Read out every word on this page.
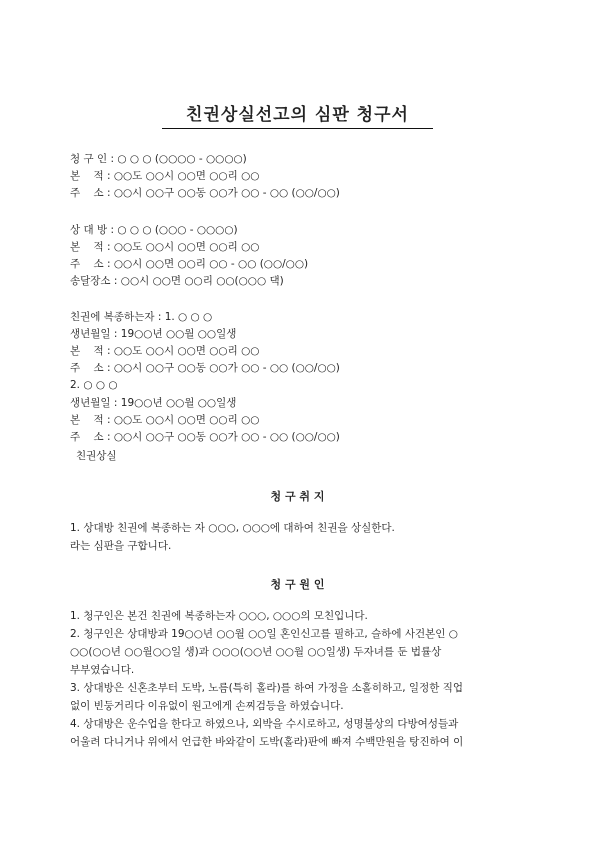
친권상실선고의 심판 청구서
청 구 인 : ○ ○ ○ (○○○○ - ○○○○)
본    적 : ○○도 ○○시 ○○면 ○○리 ○○
주    소 : ○○시 ○○구 ○○동 ○○가 ○○ - ○○ (○○/○○)
상 대 방 : ○ ○ ○ (○○○ - ○○○○)
본    적 : ○○도 ○○시 ○○면 ○○리 ○○
주    소 : ○○시 ○○면 ○○리 ○○ - ○○ (○○/○○)
송달장소 : ○○시 ○○면 ○○리 ○○(○○○ 댁)
친권에 복종하는자 : 1. ○ ○ ○
생년월일 : 19○○년 ○○월 ○○일생
본    적 : ○○도 ○○시 ○○면 ○○리 ○○
주    소 : ○○시 ○○구 ○○동 ○○가 ○○ - ○○ (○○/○○)
2. ○ ○ ○
생년월일 : 19○○년 ○○월 ○○일생
본    적 : ○○도 ○○시 ○○면 ○○리 ○○
주    소 : ○○시 ○○구 ○○동 ○○가 ○○ - ○○ (○○/○○)
친권상실
청 구 취 지
1. 상대방 친권에 복종하는 자 ○○○, ○○○에 대하여 친권을 상실한다.
라는 심판을 구합니다.
청 구 원 인
1. 청구인은 본건 친권에 복종하는자 ○○○, ○○○의 모친입니다.
2. 청구인은 상대방과 19○○년 ○○월 ○○일 혼인신고를 필하고, 슬하에 사건본인 ○
○○(○○년 ○○월○○일 생)과 ○○○(○○년 ○○월 ○○일생) 두자녀를 둔 법률상
부부였습니다.
3. 상대방은 신혼초부터 도박, 노름(특히 홀라)를 하여 가정을 소홀히하고, 일정한 직업
없이 빈둥거리다 이유없이 원고에게 손찌검등을 하였습니다.
4. 상대방은 운수업을 한다고 하였으나, 외박을 수시로하고, 성명불상의 다방여성들과
어울려 다니거나 위에서 언급한 바와같이 도박(홀라)판에 빠져 수백만원을 탕진하여 이
